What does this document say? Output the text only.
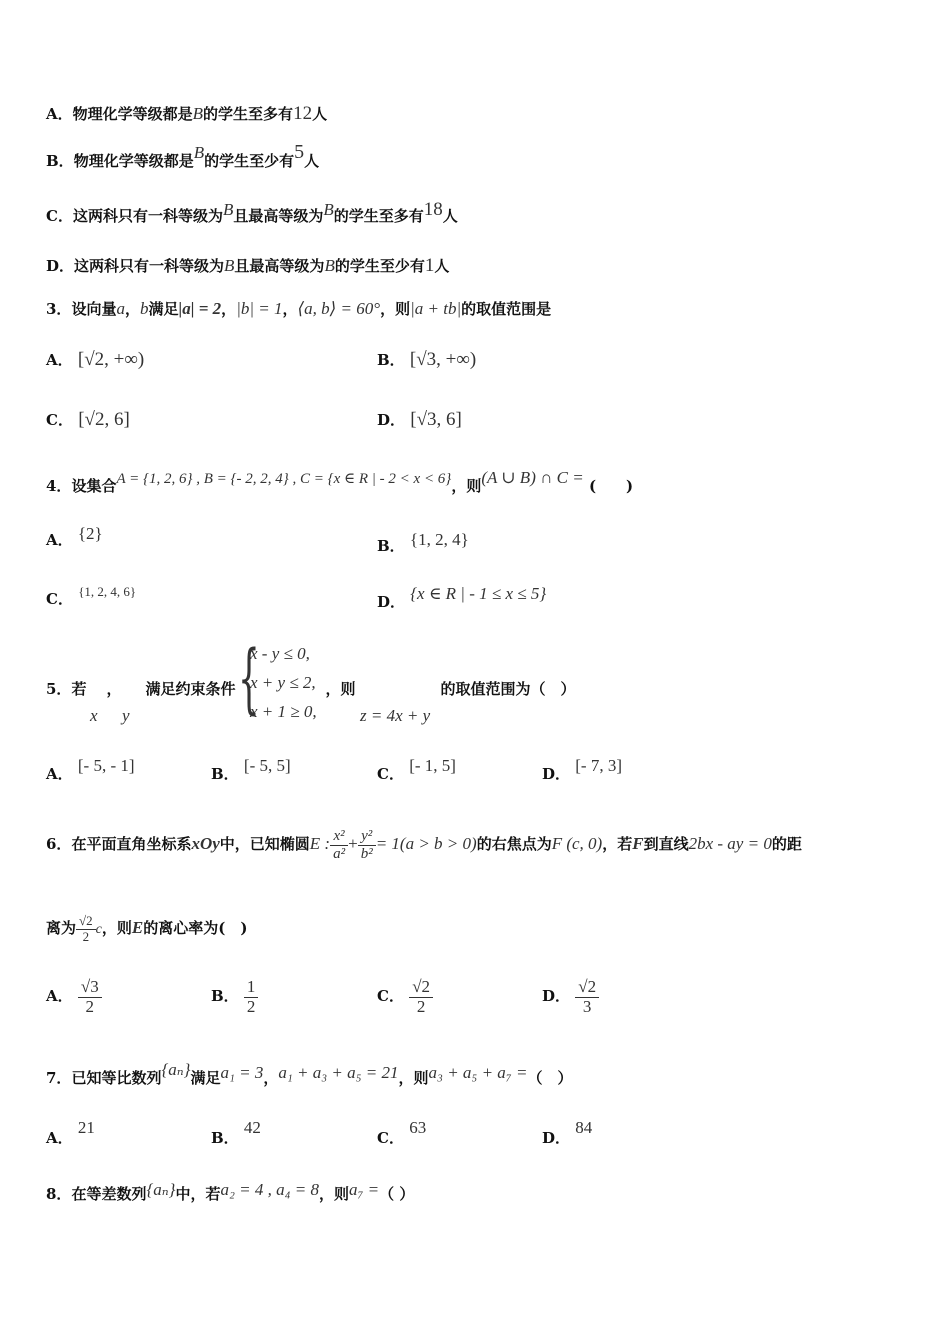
A．物理化学等级都是B的学生至多有12人
B．物理化学等级都是B的学生至少有5人
C．这两科只有一科等级为B且最高等级为B的学生至多有18人
D．这两科只有一科等级为B且最高等级为B的学生至少有1人
3．设向量a，b满足|a| = 2，|b| = 1，⟨a, b⟩ = 60°，则|a + tb|的取值范围是
A． [√2, +∞)	B． [√3, +∞)
C． [√2, 6]	D． [√3, 6]
4．设集合A = {1, 2, 6} , B = {- 2, 2, 4} , C = {x ∈ R | - 2 < x < 6}，则(A ∪ B) ∩ C = (　　)
A． {2}
B． {1, 2, 4}
C． {1, 2, 4, 6}
D． {x ∈ R | - 1 ≤ x ≤ 5}
5．若 ， 满足约束条件	，则	的取值范围为（　）
x y {
x - y ≤ 0,
x + y ≤ 2,
x + 1 ≥ 0,	z = 4x + y
A． [- 5, - 1]	B． [- 5, 5]	C． [- 1, 5]	D． [- 7, 3]
6．在平面直角坐标系xOy中，已知椭圆E : $\frac{\text{x²}}{\text{a²}} + \frac{\text{y²}}{\text{b²}} = 1(a > b > 0)$的右焦点为F (c, 0)，若F到直线2bx - ay = 0的距
离为 $\frac{√2}{2}$ c，则E的离心率为(　)
A． $\frac{√3}{2}$	B． $\frac{1}{2}$	C． $\frac{√2}{2}$	D． $\frac{√2}{3}$
7．已知等比数列{aₙ}满足a₁ = 3，a₁ + a₃ + a₅ = 21，则a₃ + a₅ + a₇ =（　）
A． 21
B． 42
C． 63
D． 84
8．在等差数列{aₙ}中，若a₂ = 4 , a₄ = 8，则a₇ =（ ）
